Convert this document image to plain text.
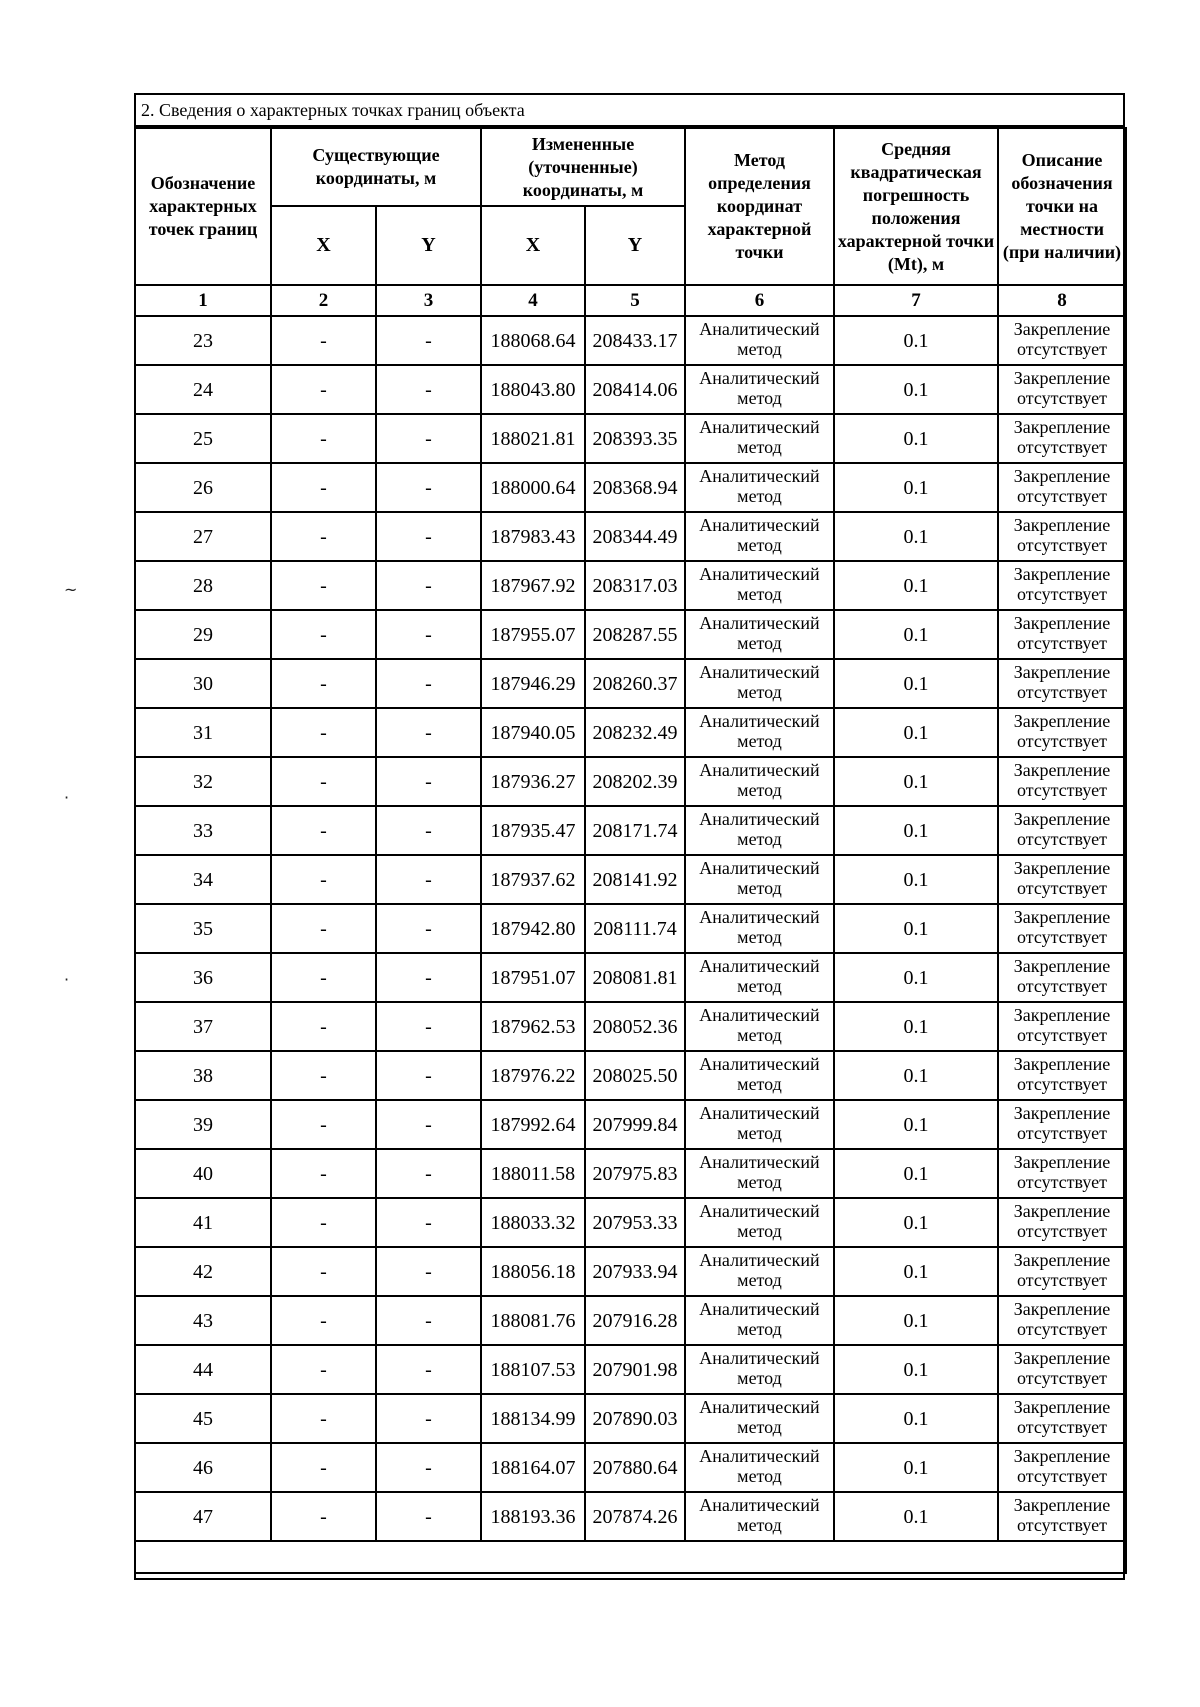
2. Сведения о характерных точках границ объекта
Обозначение характерных точек границ	Существующие координаты, м		Измененные (уточненные) координаты, м		Метод определения координат характерной точки	Средняя квадратическая погрешность положения характерной точки (Mt), м	Описание обозначения точки на местности (при наличии)
	X	Y	X	Y			
1	2	3	4	5	6	7	8
23	-	-	188068.64	208433.17	Аналитический метод	0.1	Закрепление отсутствует
24	-	-	188043.80	208414.06	Аналитический метод	0.1	Закрепление отсутствует
25	-	-	188021.81	208393.35	Аналитический метод	0.1	Закрепление отсутствует
26	-	-	188000.64	208368.94	Аналитический метод	0.1	Закрепление отсутствует
27	-	-	187983.43	208344.49	Аналитический метод	0.1	Закрепление отсутствует
28	-	-	187967.92	208317.03	Аналитический метод	0.1	Закрепление отсутствует
29	-	-	187955.07	208287.55	Аналитический метод	0.1	Закрепление отсутствует
30	-	-	187946.29	208260.37	Аналитический метод	0.1	Закрепление отсутствует
31	-	-	187940.05	208232.49	Аналитический метод	0.1	Закрепление отсутствует
32	-	-	187936.27	208202.39	Аналитический метод	0.1	Закрепление отсутствует
33	-	-	187935.47	208171.74	Аналитический метод	0.1	Закрепление отсутствует
34	-	-	187937.62	208141.92	Аналитический метод	0.1	Закрепление отсутствует
35	-	-	187942.80	208111.74	Аналитический метод	0.1	Закрепление отсутствует
36	-	-	187951.07	208081.81	Аналитический метод	0.1	Закрепление отсутствует
37	-	-	187962.53	208052.36	Аналитический метод	0.1	Закрепление отсутствует
38	-	-	187976.22	208025.50	Аналитический метод	0.1	Закрепление отсутствует
39	-	-	187992.64	207999.84	Аналитический метод	0.1	Закрепление отсутствует
40	-	-	188011.58	207975.83	Аналитический метод	0.1	Закрепление отсутствует
41	-	-	188033.32	207953.33	Аналитический метод	0.1	Закрепление отсутствует
42	-	-	188056.18	207933.94	Аналитический метод	0.1	Закрепление отсутствует
43	-	-	188081.76	207916.28	Аналитический метод	0.1	Закрепление отсутствует
44	-	-	188107.53	207901.98	Аналитический метод	0.1	Закрепление отсутствует
45	-	-	188134.99	207890.03	Аналитический метод	0.1	Закрепление отсутствует
46	-	-	188164.07	207880.64	Аналитический метод	0.1	Закрепление отсутствует
47	-	-	188193.36	207874.26	Аналитический метод	0.1	Закрепление отсутствует

~
·
·
